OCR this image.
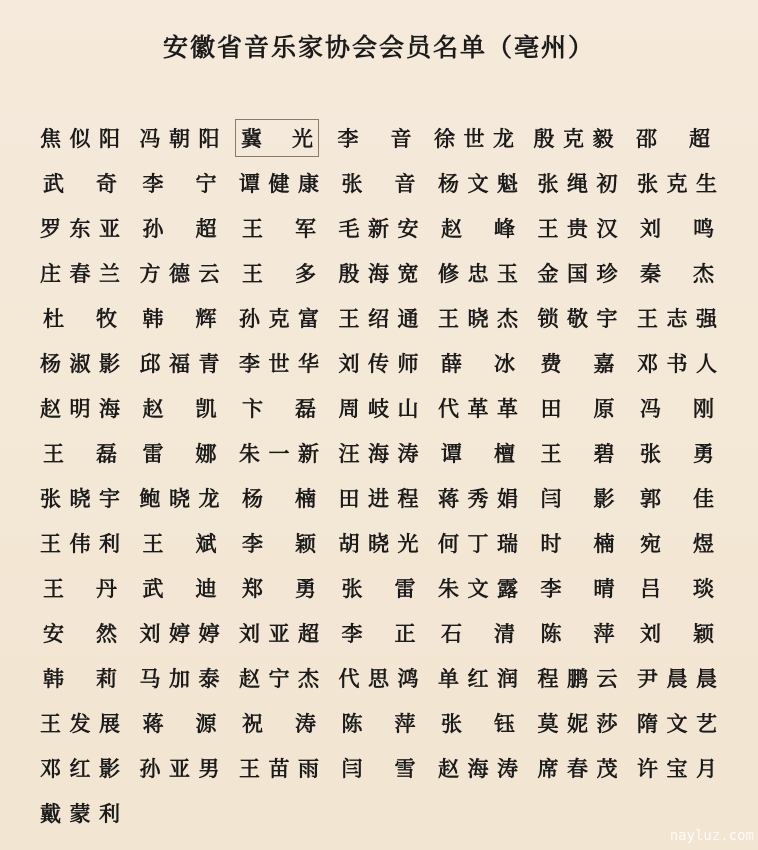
安徽省音乐家协会会员名单（亳州）
焦 似 阳 冯 朝 阳 冀 光 李 音 徐 世 龙 殷 克 毅 邵 超
武 奇 李 宁 谭 健 康 张 音 杨 文 魁 张 绳 初 张 克 生
罗 东 亚 孙 超 王 军 毛 新 安 赵 峰 王 贵 汉 刘 鸣
庄 春 兰 方 德 云 王 多 殷 海 宽 修 忠 玉 金 国 珍 秦 杰
杜 牧 韩 辉 孙 克 富 王 绍 通 王 晓 杰 锁 敬 宇 王 志 强
杨 淑 影 邱 福 青 李 世 华 刘 传 师 薛 冰 费 嘉 邓 书 人
赵 明 海 赵 凯 卞 磊 周 岐 山 代 革 革 田 原 冯 刚
王 磊 雷 娜 朱 一 新 汪 海 涛 谭 檀 王 碧 张 勇
张 晓 宇 鲍 晓 龙 杨 楠 田 进 程 蒋 秀 娟 闫 影 郭 佳
王 伟 利 王 斌 李 颖 胡 晓 光 何 丁 瑞 时 楠 宛 煜
王 丹 武 迪 郑 勇 张 雷 朱 文 露 李 晴 吕 琰
安 然 刘 婷 婷 刘 亚 超 李 正 石 清 陈 萍 刘 颖
韩 莉 马 加 泰 赵 宁 杰 代 思 鸿 单 红 润 程 鹏 云 尹 晨 晨
王 发 展 蒋 源 祝 涛 陈 萍 张 钰 莫 妮 莎 隋 文 艺
邓 红 影 孙 亚 男 王 苗 雨 闫 雪 赵 海 涛 席 春 茂 许 宝 月
戴 蒙 利
nayluz.com
